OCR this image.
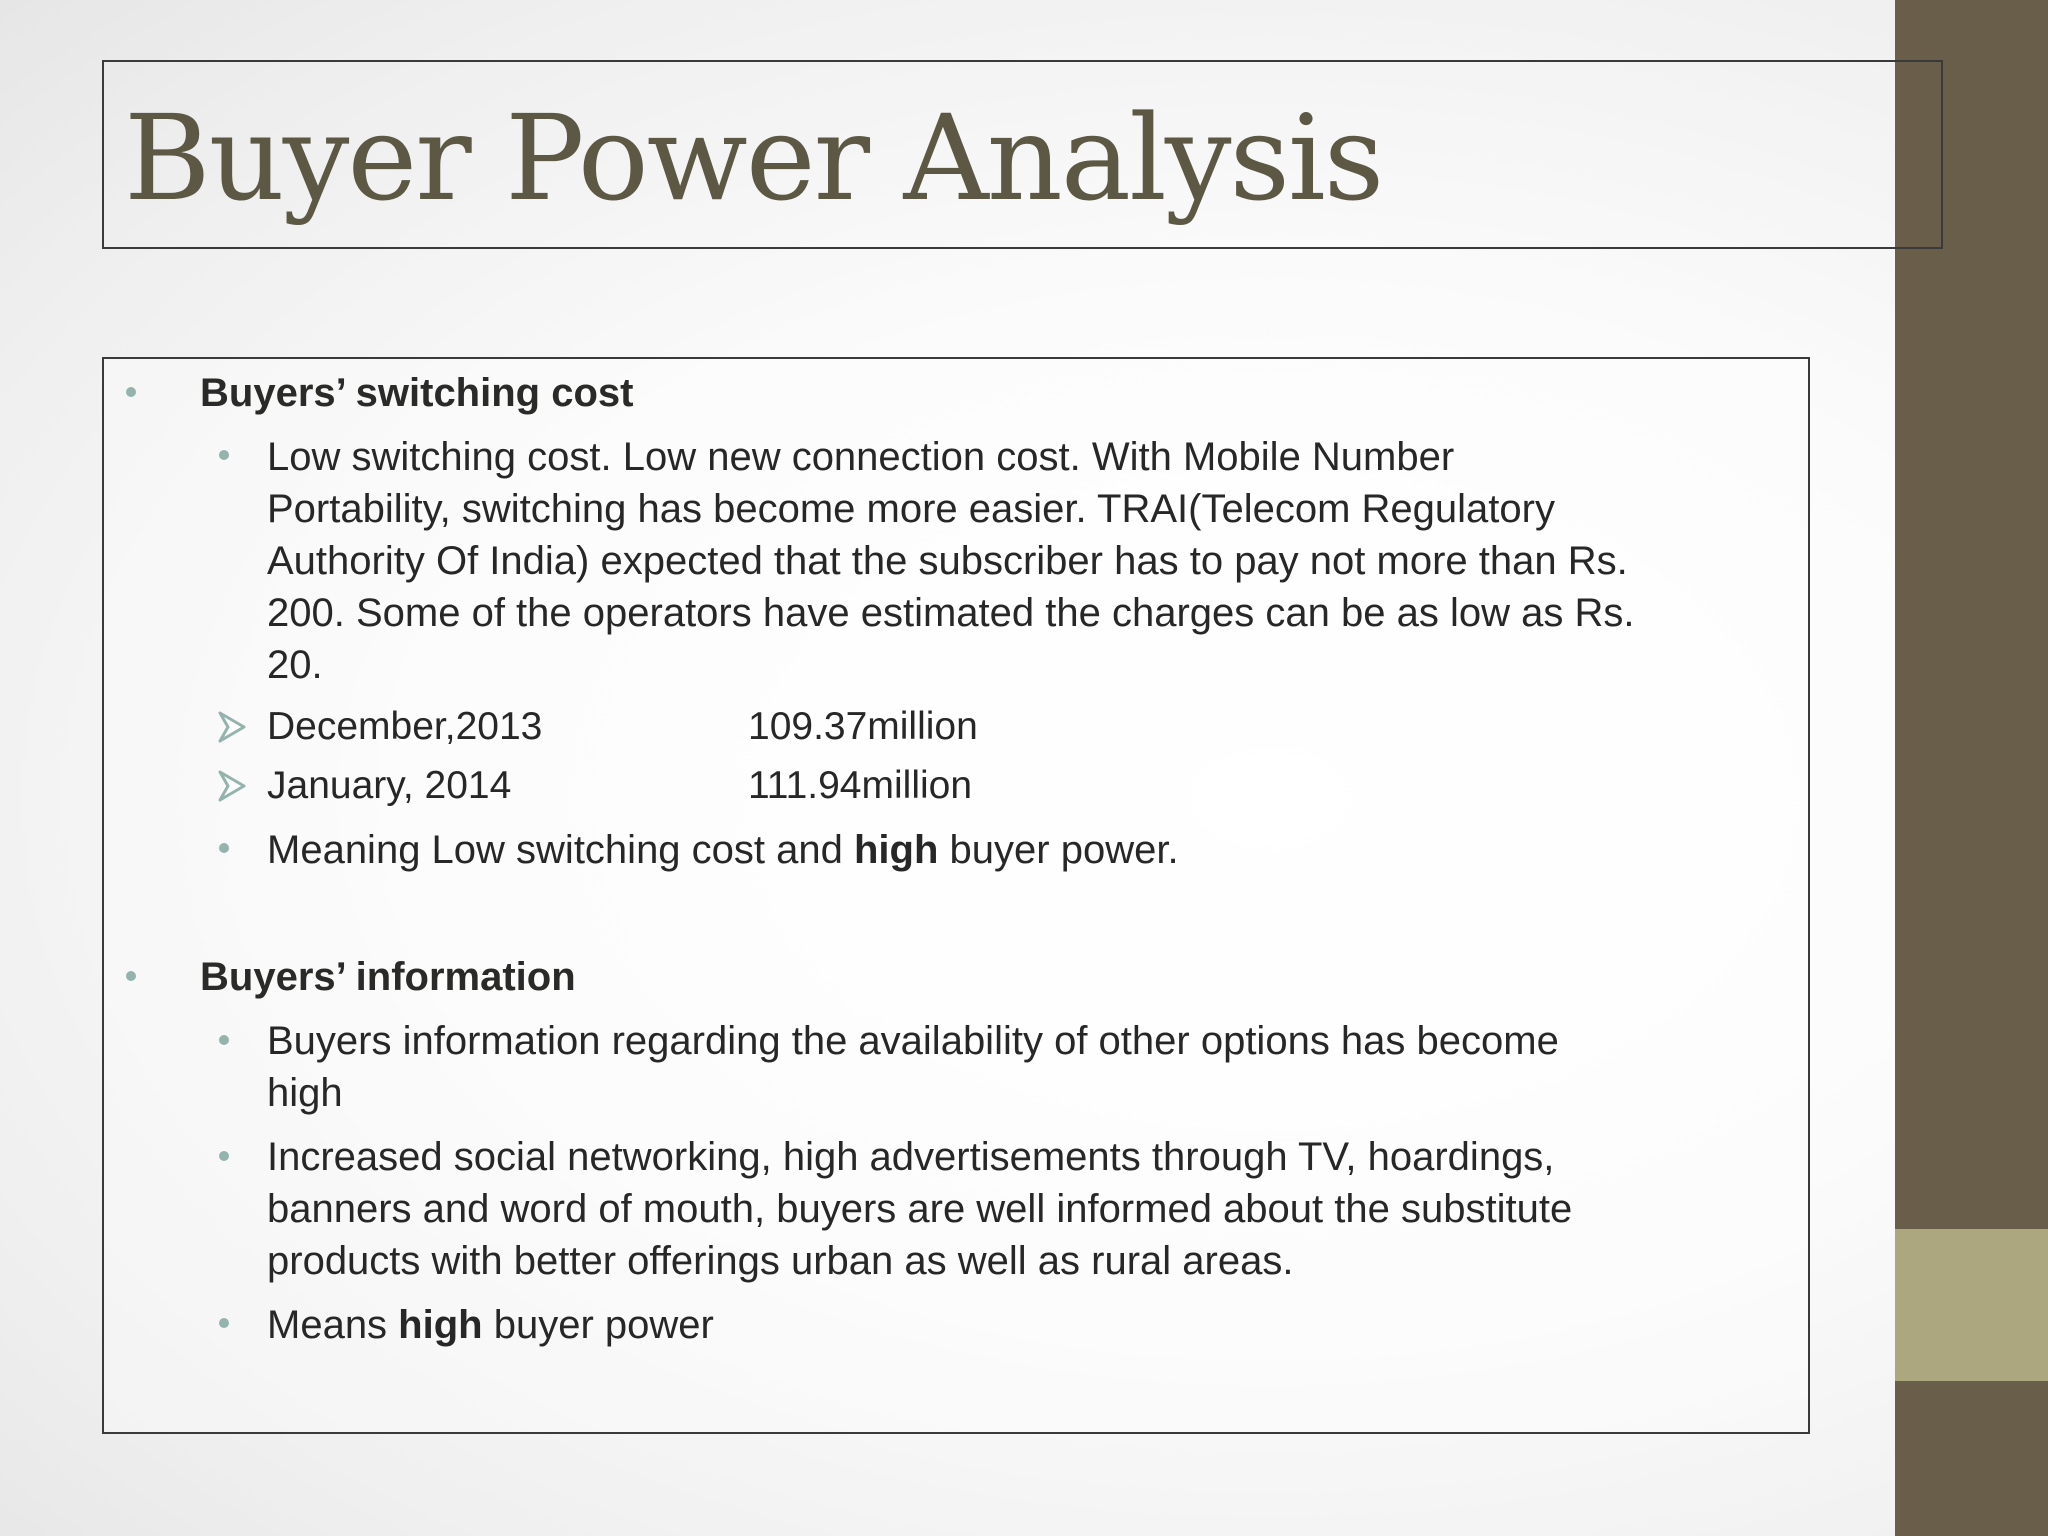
Buyer Power Analysis
Buyers’ switching cost
Low switching cost. Low new connection cost. With Mobile Number
Portability, switching has become more easier. TRAI(Telecom Regulatory
Authority Of India) expected that the subscriber has to pay not more than Rs.
200. Some of the operators have estimated the charges can be as low as Rs.
20.
December,2013	109.37million
January, 2014	111.94million
Meaning Low switching cost and high buyer power.
Buyers’ information
Buyers information regarding the availability of other options has become
high
Increased social networking, high advertisements through TV, hoardings,
banners and word of mouth, buyers are well informed about the substitute
products with better offerings urban as well as rural areas.
Means high buyer power
